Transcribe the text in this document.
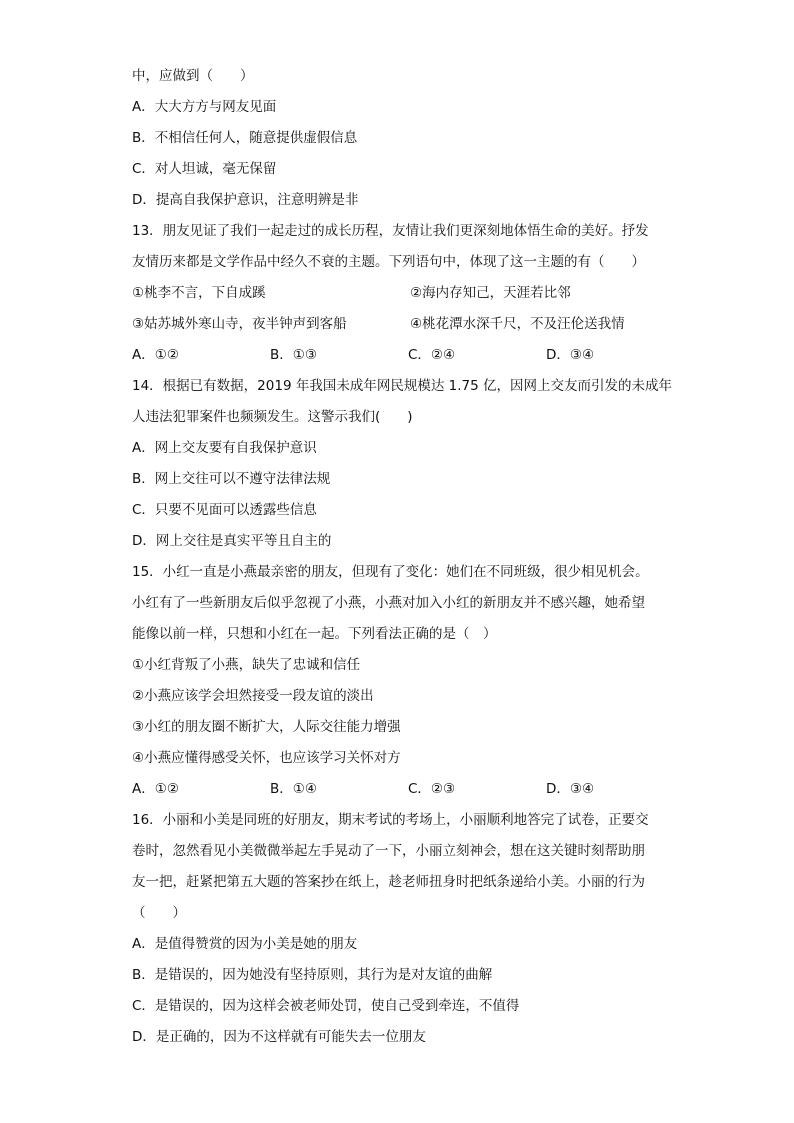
中，应做到（　　）
A．大大方方与网友见面
B．不相信任何人，随意提供虚假信息
C．对人坦诚，毫无保留
D．提高自我保护意识，注意明辨是非
13．朋友见证了我们一起走过的成长历程，友情让我们更深刻地体悟生命的美好。抒发
友情历来都是文学作品中经久不衰的主题。下列语句中，体现了这一主题的有（　　）
①桃李不言，下自成蹊	②海内存知己，天涯若比邻
③姑苏城外寒山寺，夜半钟声到客船	④桃花潭水深千尺，不及汪伦送我情
A．①②	B．①③	C．②④	D．③④
14．根据已有数据，2019 年我国未成年网民规模达 1.75 亿，因网上交友而引发的未成年
人违法犯罪案件也频频发生。这警示我们(　　)
A．网上交友要有自我保护意识
B．网上交往可以不遵守法律法规
C．只要不见面可以透露些信息
D．网上交往是真实平等且自主的
15．小红一直是小燕最亲密的朋友，但现有了变化：她们在不同班级，很少相见机会。
小红有了一些新朋友后似乎忽视了小燕，小燕对加入小红的新朋友并不感兴趣，她希望
能像以前一样，只想和小红在一起。下列看法正确的是（　）
①小红背叛了小燕，缺失了忠诚和信任
②小燕应该学会坦然接受一段友谊的淡出
③小红的朋友圈不断扩大，人际交往能力增强
④小燕应懂得感受关怀，也应该学习关怀对方
A．①②	B．①④	C．②③	D．③④
16．小丽和小美是同班的好朋友，期末考试的考场上，小丽顺利地答完了试卷，正要交
卷时，忽然看见小美微微举起左手晃动了一下，小丽立刻神会，想在这关键时刻帮助朋
友一把，赶紧把第五大题的答案抄在纸上，趁老师扭身时把纸条递给小美。小丽的行为
（　　）
A．是值得赞赏的因为小美是她的朋友
B．是错误的，因为她没有坚持原则，其行为是对友谊的曲解
C．是错误的，因为这样会被老师处罚，使自己受到牵连，不值得
D．是正确的，因为不这样就有可能失去一位朋友
